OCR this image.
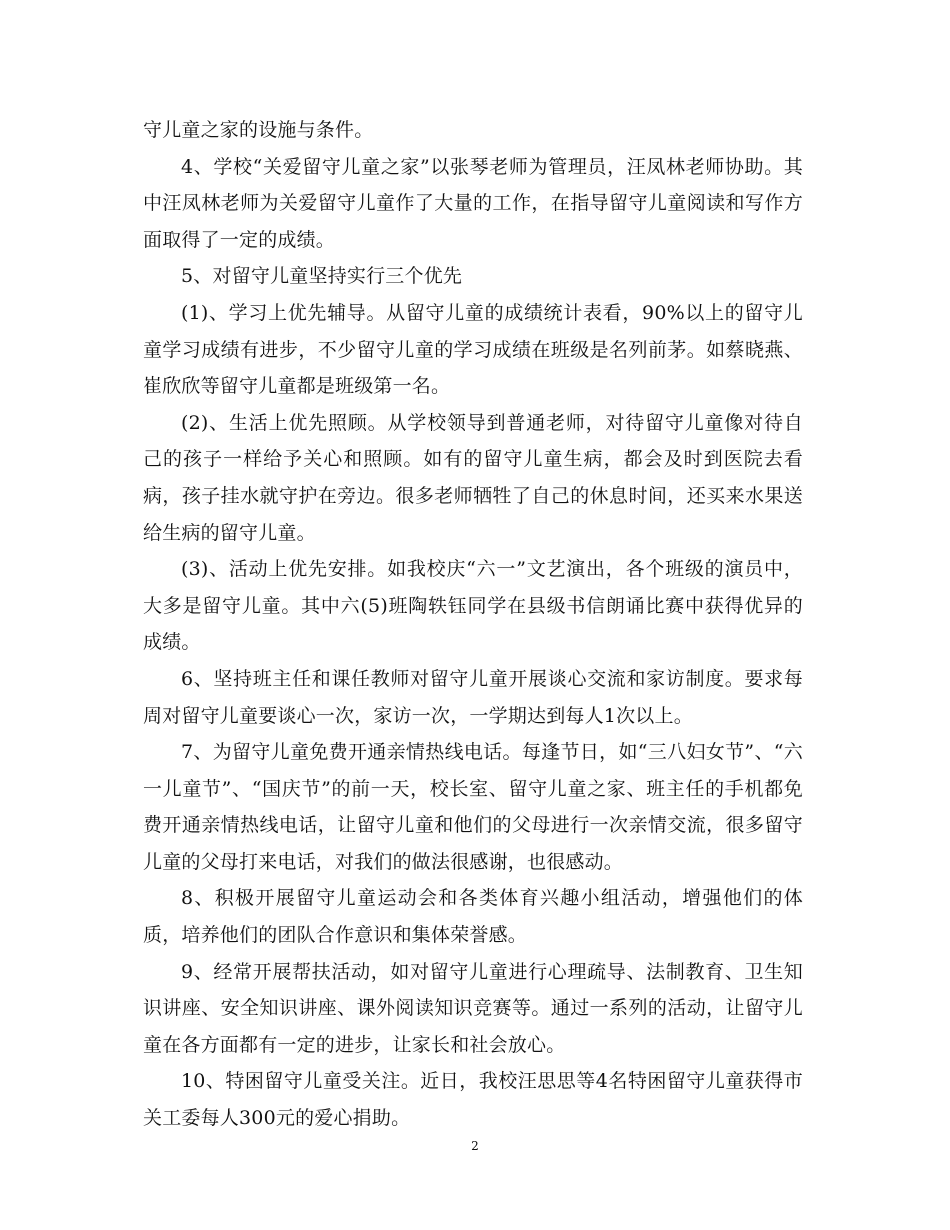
守儿童之家的设施与条件。

4、学校“关爱留守儿童之家”以张琴老师为管理员，汪凤林老师协助。其中汪凤林老师为关爱留守儿童作了大量的工作，在指导留守儿童阅读和写作方面取得了一定的成绩。

5、对留守儿童坚持实行三个优先

(1)、学习上优先辅导。从留守儿童的成绩统计表看，90%以上的留守儿童学习成绩有进步，不少留守儿童的学习成绩在班级是名列前茅。如蔡晓燕、崔欣欣等留守儿童都是班级第一名。

(2)、生活上优先照顾。从学校领导到普通老师，对待留守儿童像对待自己的孩子一样给予关心和照顾。如有的留守儿童生病，都会及时到医院去看病，孩子挂水就守护在旁边。很多老师牺牲了自己的休息时间，还买来水果送给生病的留守儿童。

(3)、活动上优先安排。如我校庆“六一”文艺演出，各个班级的演员中，大多是留守儿童。其中六(5)班陶轶钰同学在县级书信朗诵比赛中获得优异的成绩。

6、坚持班主任和课任教师对留守儿童开展谈心交流和家访制度。要求每周对留守儿童要谈心一次，家访一次，一学期达到每人1次以上。

7、为留守儿童免费开通亲情热线电话。每逢节日，如“三八妇女节”、“六一儿童节”、“国庆节”的前一天，校长室、留守儿童之家、班主任的手机都免费开通亲情热线电话，让留守儿童和他们的父母进行一次亲情交流，很多留守儿童的父母打来电话，对我们的做法很感谢，也很感动。

8、积极开展留守儿童运动会和各类体育兴趣小组活动，增强他们的体质，培养他们的团队合作意识和集体荣誉感。

9、经常开展帮扶活动，如对留守儿童进行心理疏导、法制教育、卫生知识讲座、安全知识讲座、课外阅读知识竞赛等。通过一系列的活动，让留守儿童在各方面都有一定的进步，让家长和社会放心。

10、特困留守儿童受关注。近日，我校汪思思等4名特困留守儿童获得市关工委每人300元的爱心捐助。

2
